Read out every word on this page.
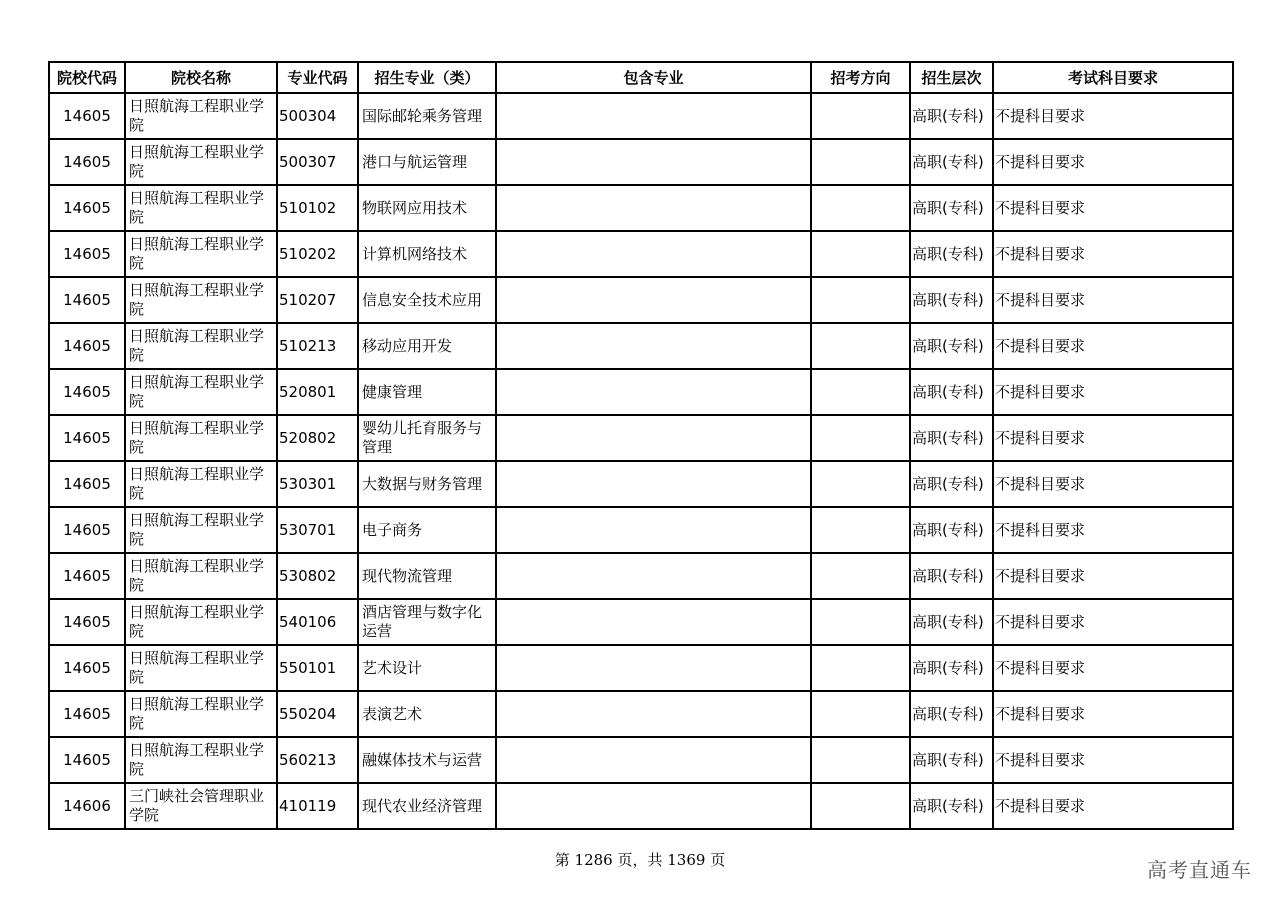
院校代码	院校名称	专业代码	招生专业（类）	包含专业	招考方向	招生层次	考试科目要求
14605	日照航海工程职业学院	500304	国际邮轮乘务管理			高职(专科)	不提科目要求
14605	日照航海工程职业学院	500307	港口与航运管理			高职(专科)	不提科目要求
14605	日照航海工程职业学院	510102	物联网应用技术			高职(专科)	不提科目要求
14605	日照航海工程职业学院	510202	计算机网络技术			高职(专科)	不提科目要求
14605	日照航海工程职业学院	510207	信息安全技术应用			高职(专科)	不提科目要求
14605	日照航海工程职业学院	510213	移动应用开发			高职(专科)	不提科目要求
14605	日照航海工程职业学院	520801	健康管理			高职(专科)	不提科目要求
14605	日照航海工程职业学院	520802	婴幼儿托育服务与管理			高职(专科)	不提科目要求
14605	日照航海工程职业学院	530301	大数据与财务管理			高职(专科)	不提科目要求
14605	日照航海工程职业学院	530701	电子商务			高职(专科)	不提科目要求
14605	日照航海工程职业学院	530802	现代物流管理			高职(专科)	不提科目要求
14605	日照航海工程职业学院	540106	酒店管理与数字化运营			高职(专科)	不提科目要求
14605	日照航海工程职业学院	550101	艺术设计			高职(专科)	不提科目要求
14605	日照航海工程职业学院	550204	表演艺术			高职(专科)	不提科目要求
14605	日照航海工程职业学院	560213	融媒体技术与运营			高职(专科)	不提科目要求
14606	三门峡社会管理职业学院	410119	现代农业经济管理			高职(专科)	不提科目要求
第 1286 页，共 1369 页	高考直通车
